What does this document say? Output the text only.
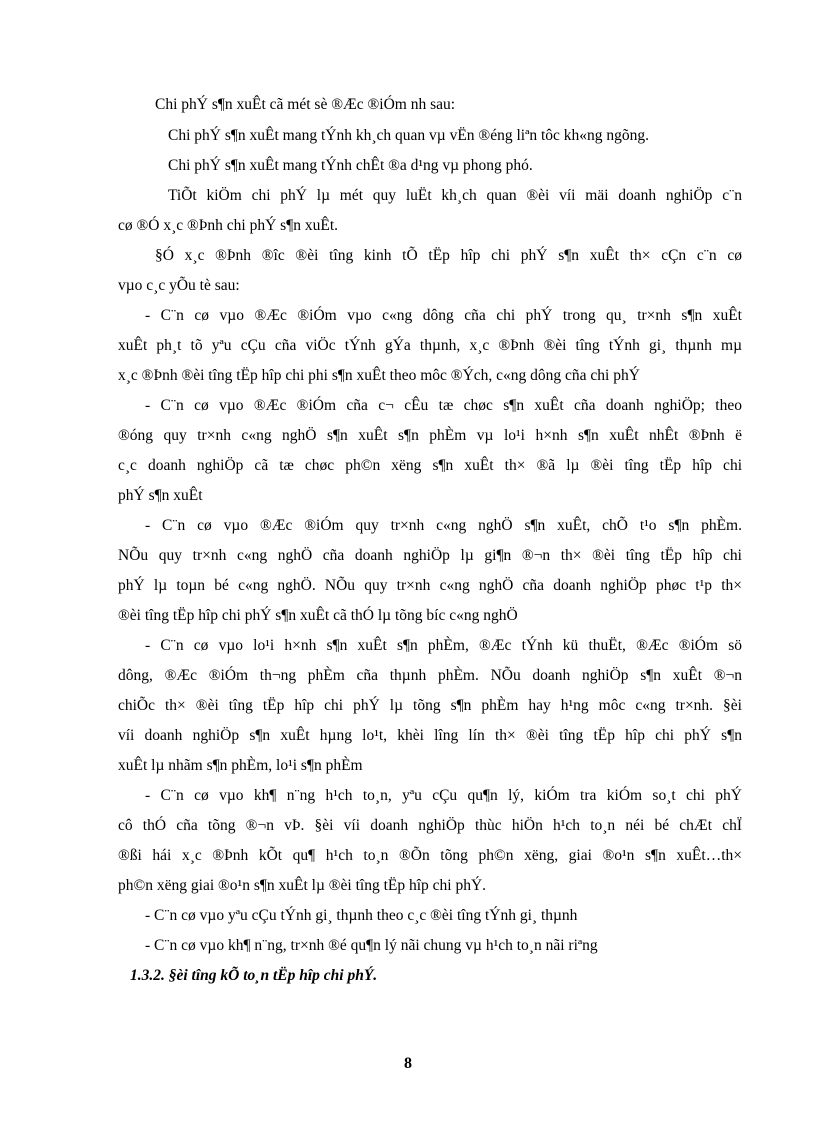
Chi phÝ s¶n xuÊt cã mét sè ®Æc ®iÓm nh sau:
Chi phÝ s¶n xuÊt mang tÝnh kh¸ch quan vµ vËn ®éng liªn tôc kh«ng ngõng.
Chi phÝ s¶n xuÊt mang tÝnh chÊt ®a d¹ng vµ phong phó.
TiÕt kiÖm chi phÝ lµ mét quy luËt kh¸ch quan ®èi víi mäi doanh nghiÖp c¨n
cø ®Ó x¸c ®Þnh chi phÝ s¶n xuÊt.
§Ó x¸c ®Þnh ®îc ®èi tîng kinh tÕ tËp hîp chi phÝ s¶n xuÊt th× cÇn c¨n cø
vµo c¸c yÕu tè sau:
- C¨n cø vµo ®Æc ®iÓm vµo c«ng dông cña chi phÝ trong qu¸ tr×nh s¶n xuÊt
xuÊt ph¸t tõ yªu cÇu cña viÖc tÝnh gÝa thµnh, x¸c ®Þnh ®èi tîng tÝnh gi¸ thµnh mµ
x¸c ®Þnh ®èi tîng tËp hîp chi phi s¶n xuÊt theo môc ®Ých, c«ng dông cña chi phÝ
- C¨n cø vµo ®Æc ®iÓm cña c¬ cÊu tæ chøc s¶n xuÊt cña doanh nghiÖp; theo
®óng quy tr×nh c«ng nghÖ s¶n xuÊt s¶n phÈm vµ lo¹i h×nh s¶n xuÊt nhÊt ®Þnh ë
c¸c doanh nghiÖp cã tæ chøc ph©n xëng s¶n xuÊt th× ®ã lµ ®èi tîng tËp hîp chi
phÝ s¶n xuÊt
- C¨n cø vµo ®Æc ®iÓm quy tr×nh c«ng nghÖ s¶n xuÊt, chÕ t¹o s¶n phÈm.
NÕu quy tr×nh c«ng nghÖ cña doanh nghiÖp lµ gi¶n ®¬n th× ®èi tîng tËp hîp chi
phÝ lµ toµn bé c«ng nghÖ. NÕu quy tr×nh c«ng nghÖ cña doanh nghiÖp phøc t¹p th×
®èi tîng tËp hîp chi phÝ s¶n xuÊt cã thÓ lµ tõng bíc c«ng nghÖ
- C¨n cø vµo lo¹i h×nh s¶n xuÊt s¶n phÈm, ®Æc tÝnh kü thuËt, ®Æc ®iÓm sö
dông, ®Æc ®iÓm th¬ng phÈm cña thµnh phÈm. NÕu doanh nghiÖp s¶n xuÊt ®¬n
chiÕc th× ®èi tîng tËp hîp chi phÝ lµ tõng s¶n phÈm hay h¹ng môc c«ng tr×nh. §èi
víi doanh nghiÖp s¶n xuÊt hµng lo¹t, khèi lîng lín th× ®èi tîng tËp hîp chi phÝ s¶n
xuÊt lµ nhãm s¶n phÈm, lo¹i s¶n phÈm
- C¨n cø vµo kh¶ n¨ng h¹ch to¸n, yªu cÇu qu¶n lý, kiÓm tra kiÓm so¸t chi phÝ
cô thÓ cña tõng ®¬n vÞ. §èi víi doanh nghiÖp thùc hiÖn h¹ch to¸n néi bé chÆt chÏ
®ßi hái x¸c ®Þnh kÕt qu¶ h¹ch to¸n ®Õn tõng ph©n xëng, giai ®o¹n s¶n xuÊt…th×
ph©n xëng giai ®o¹n s¶n xuÊt lµ ®èi tîng tËp hîp chi phÝ.
- C¨n cø vµo yªu cÇu tÝnh gi¸ thµnh theo c¸c ®èi tîng tÝnh gi¸ thµnh
- C¨n cø vµo kh¶ n¨ng, tr×nh ®é qu¶n lý nãi chung vµ h¹ch to¸n nãi riªng
1.3.2. §èi tîng kÕ to¸n tËp hîp chi phÝ.
8
